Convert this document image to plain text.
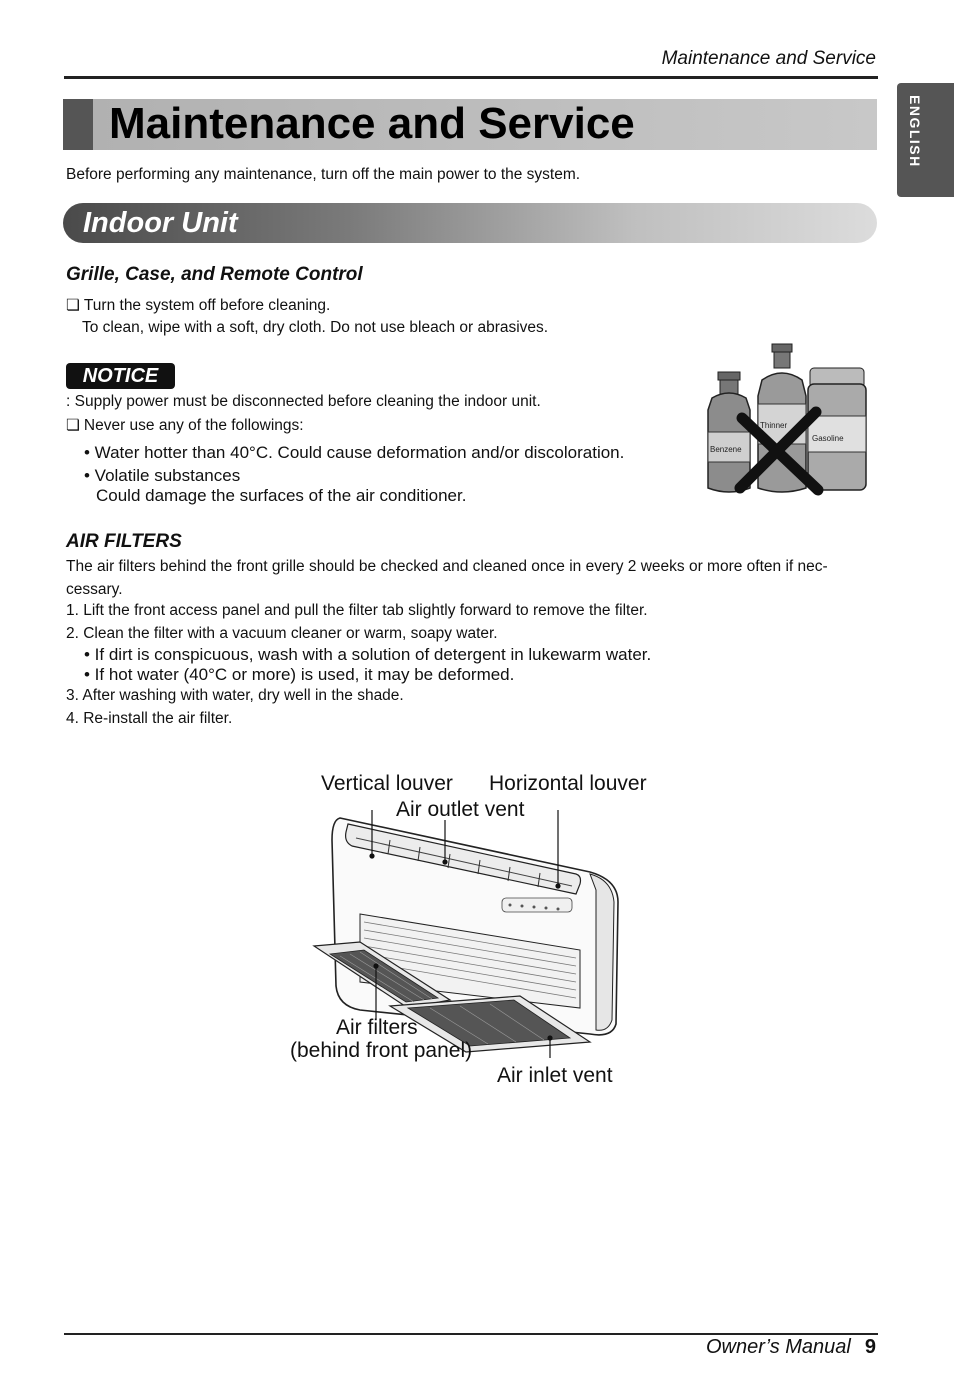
Maintenance and Service
ENGLISH
Maintenance and Service
Before performing any maintenance, turn off the main power to the system.
Indoor Unit
Grille, Case, and Remote Control
❏ Turn the system off before cleaning.
To clean, wipe with a soft, dry cloth. Do not use bleach or abrasives.
NOTICE
: Supply power must be disconnected before cleaning the indoor unit.
❏ Never use any of the followings:
• Water hotter than 40°C. Could cause deformation and/or discoloration.
• Volatile substances
Could damage the surfaces of the air conditioner.
Benzene
Thinner
Gasoline
AIR FILTERS
The air filters behind the front grille should be checked and cleaned once in every 2 weeks or more often if nec-
cessary.
1. Lift the front access panel and pull the filter tab slightly forward to remove the filter.
2. Clean the filter with a vacuum cleaner or warm, soapy water.
• If dirt is conspicuous, wash with a solution of detergent in lukewarm water.
• If hot water (40°C or more) is used, it may be deformed.
3. After washing with water, dry well in the shade.
4. Re-install the air filter.
Vertical louver Horizontal louver
Air outlet vent
Air filters
(behind front panel)
Air inlet vent
Owner’s Manual 9
